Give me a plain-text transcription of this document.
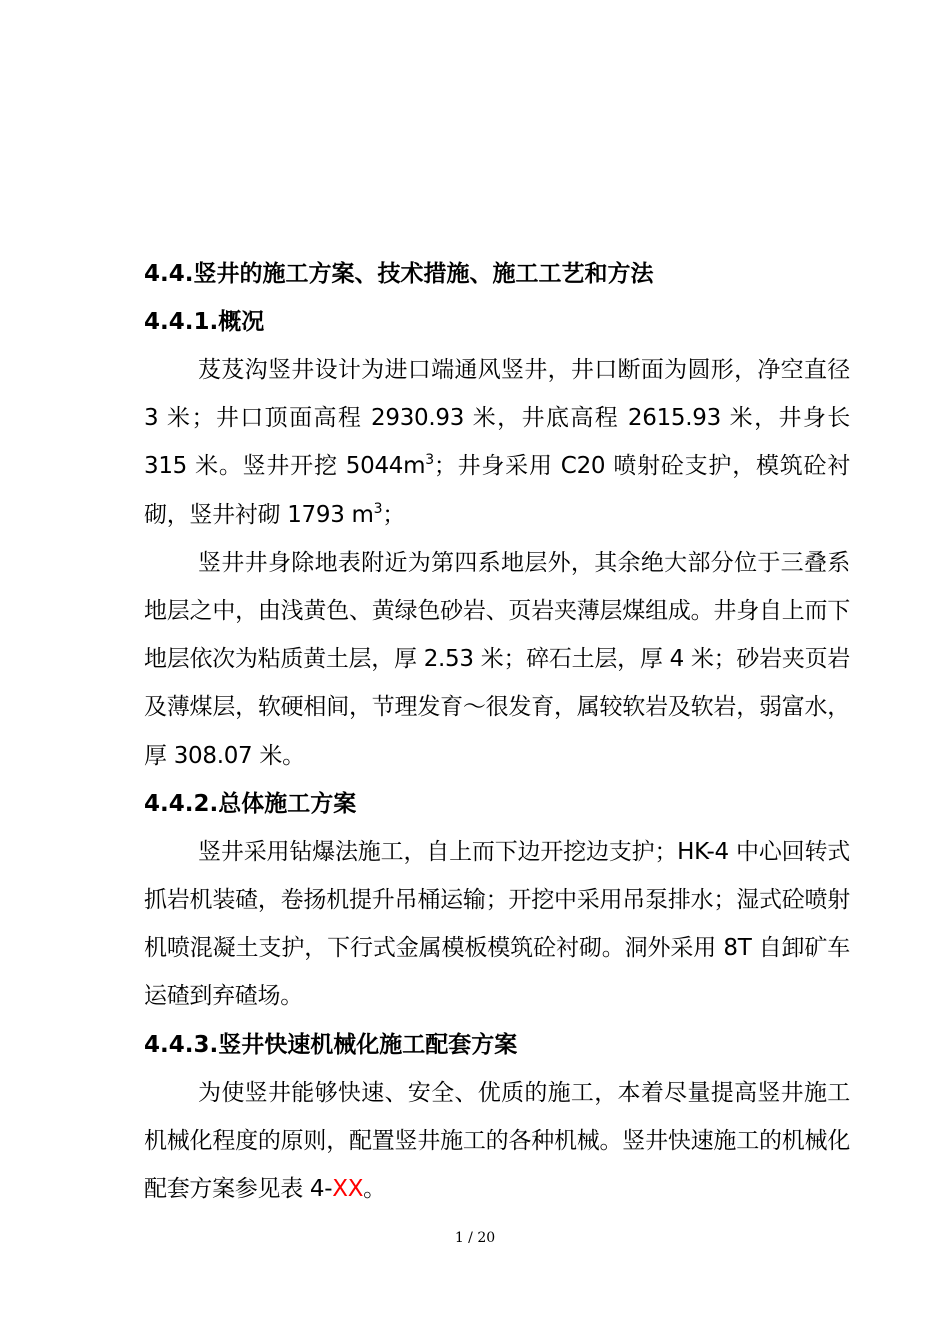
4.4.竖井的施工方案、技术措施、施工工艺和方法
4.4.1.概况

芨芨沟竖井设计为进口端通风竖井，井口断面为圆形，净空直径 3 米；井口顶面高程 2930.93 米，井底高程 2615.93 米，井身长 315 米。竖井开挖 $5044m^3$；井身采用 C20 喷射砼支护，模筑砼衬砌，竖井衬砌 1793 $m^3$；

竖井井身除地表附近为第四系地层外，其余绝大部分位于三叠系地层之中，由浅黄色、黄绿色砂岩、页岩夹薄层煤组成。井身自上而下地层依次为粘质黄土层，厚 2.53 米；碎石土层，厚 4 米；砂岩夹页岩及薄煤层，软硬相间，节理发育～很发育，属较软岩及软岩，弱富水，厚 308.07 米。

4.4.2.总体施工方案

竖井采用钻爆法施工，自上而下边开挖边支护；HK-4 中心回转式抓岩机装碴，卷扬机提升吊桶运输；开挖中采用吊泵排水；湿式砼喷射机喷混凝土支护，下行式金属模板模筑砼衬砌。洞外采用 8T 自卸矿车运碴到弃碴场。

4.4.3.竖井快速机械化施工配套方案

为使竖井能够快速、安全、优质的施工，本着尽量提高竖井施工机械化程度的原则，配置竖井施工的各种机械。竖井快速施工的机械化配套方案参见表 4-XX。

1 / 20
